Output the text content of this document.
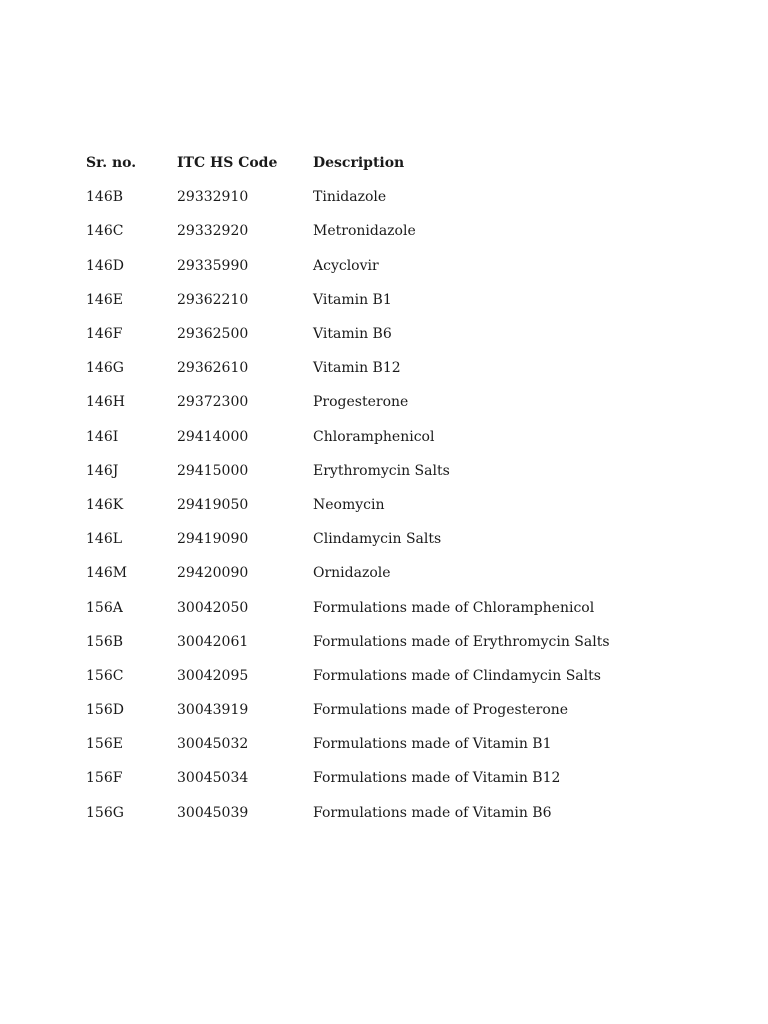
Sr. no.	ITC HS Code	Description
146B	29332910	Tinidazole
146C	29332920	Metronidazole
146D	29335990	Acyclovir
146E	29362210	Vitamin B1
146F	29362500	Vitamin B6
146G	29362610	Vitamin B12
146H	29372300	Progesterone
146I	29414000	Chloramphenicol
146J	29415000	Erythromycin Salts
146K	29419050	Neomycin
146L	29419090	Clindamycin Salts
146M	29420090	Ornidazole
156A	30042050	Formulations made of Chloramphenicol
156B	30042061	Formulations made of Erythromycin Salts
156C	30042095	Formulations made of Clindamycin Salts
156D	30043919	Formulations made of Progesterone
156E	30045032	Formulations made of Vitamin B1
156F	30045034	Formulations made of Vitamin B12
156G	30045039	Formulations made of Vitamin B6
